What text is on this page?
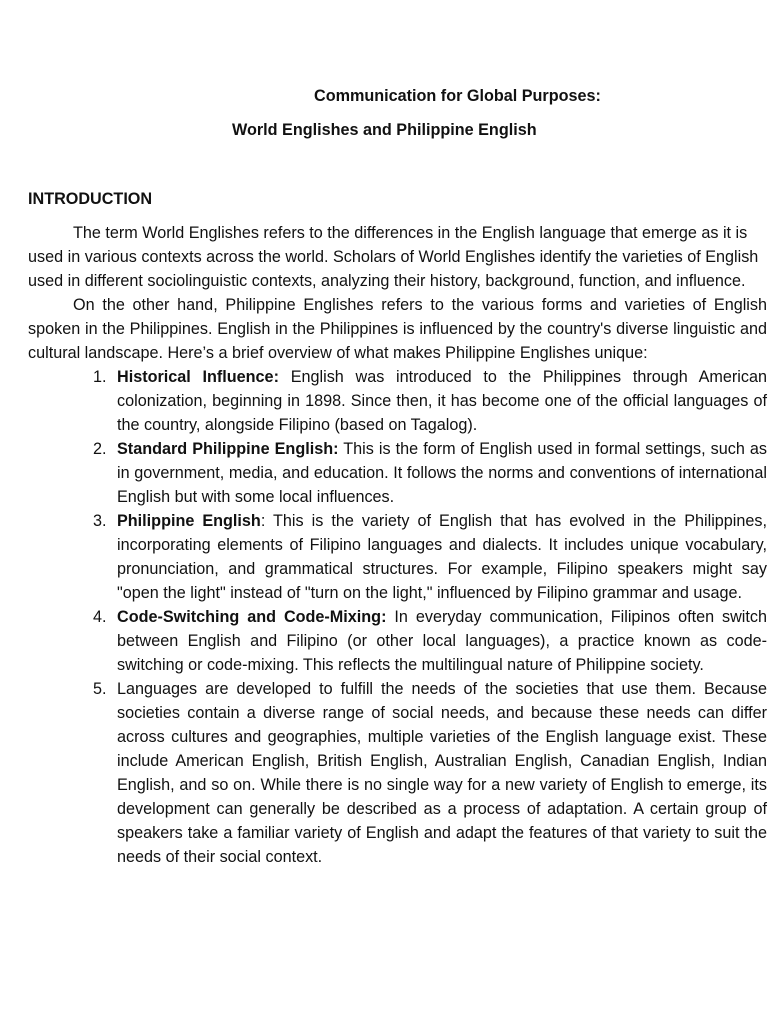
Communication for Global Purposes:
World Englishes and Philippine English
INTRODUCTION

The term World Englishes refers to the differences in the English language that emerge as it is used in various contexts across the world. Scholars of World Englishes identify the varieties of English used in different sociolinguistic contexts, analyzing their history, background, function, and influence.

On the other hand, Philippine Englishes refers to the various forms and varieties of English spoken in the Philippines. English in the Philippines is influenced by the country's diverse linguistic and cultural landscape. Here’s a brief overview of what makes Philippine Englishes unique:

1. Historical Influence: English was introduced to the Philippines through American colonization, beginning in 1898. Since then, it has become one of the official languages of the country, alongside Filipino (based on Tagalog).
2. Standard Philippine English: This is the form of English used in formal settings, such as in government, media, and education. It follows the norms and conventions of international English but with some local influences.
3. Philippine English: This is the variety of English that has evolved in the Philippines, incorporating elements of Filipino languages and dialects. It includes unique vocabulary, pronunciation, and grammatical structures. For example, Filipino speakers might say "open the light" instead of "turn on the light," influenced by Filipino grammar and usage.
4. Code-Switching and Code-Mixing: In everyday communication, Filipinos often switch between English and Filipino (or other local languages), a practice known as code-switching or code-mixing. This reflects the multilingual nature of Philippine society.
5. Languages are developed to fulfill the needs of the societies that use them. Because societies contain a diverse range of social needs, and because these needs can differ across cultures and geographies, multiple varieties of the English language exist. These include American English, British English, Australian English, Canadian English, Indian English, and so on. While there is no single way for a new variety of English to emerge, its development can generally be described as a process of adaptation. A certain group of speakers take a familiar variety of English and adapt the features of that variety to suit the needs of their social context.
